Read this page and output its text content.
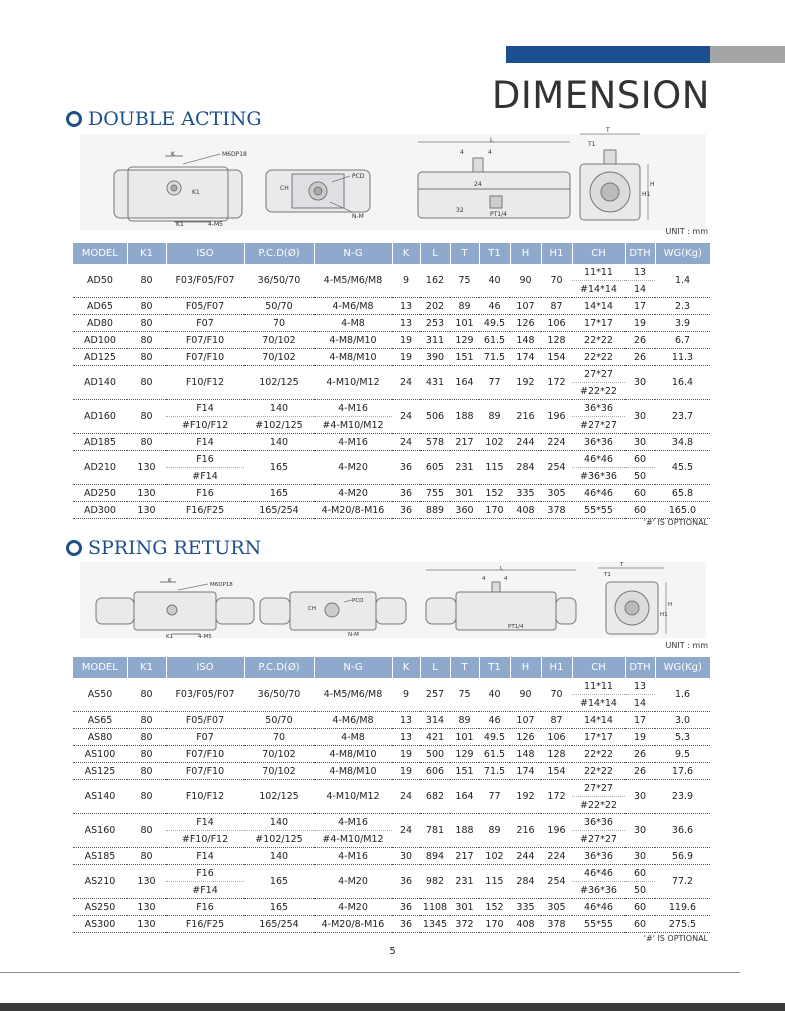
DIMENSION
DOUBLE ACTING
K	M6DP18
K1
K1	4-M5
CH
PCD
N-M
L
4	4
24
32
PT1/4
T
T1
H
H1
UNIT : mm
MODEL	K1	ISO	P.C.D(Ø)	N-G	K	L	T	T1	H	H1	CH	DTH	WG(Kg)
AD50	80	F03/F05/F07	36/50/70	4-M5/M6/M8	9	162	75	40	90	70	11*11	13	1.4
											#14*14	14	
AD65	80	F05/F07	50/70	4-M6/M8	13	202	89	46	107	87	14*14	17	2.3
AD80	80	F07	70	4-M8	13	253	101	49.5	126	106	17*17	19	3.9
AD100	80	F07/F10	70/102	4-M8/M10	19	311	129	61.5	148	128	22*22	26	6.7
AD125	80	F07/F10	70/102	4-M8/M10	19	390	151	71.5	174	154	22*22	26	11.3
AD140	80	F10/F12	102/125	4-M10/M12	24	431	164	77	192	172	27*27	30	16.4
											#22*22		
AD160	80	F14	140	4-M16	24	506	188	89	216	196	36*36	30	23.7
		#F10/F12	#102/125	#4-M10/M12							#27*27		
AD185	80	F14	140	4-M16	24	578	217	102	244	224	36*36	30	34.8
AD210	130	F16	165	4-M20	36	605	231	115	284	254	46*46	60	45.5
		#F14									#36*36	50	
AD250	130	F16	165	4-M20	36	755	301	152	335	305	46*46	60	65.8
AD300	130	F16/F25	165/254	4-M20/8-M16	36	889	360	170	408	378	55*55	60	165.0
'#' IS OPTIONAL
SPRING RETURN
K
M6DP18
K1	4-M5
CH
PCD
N-M
L
4	4
PT1/4
T
T1
H
H1
UNIT : mm
MODEL	K1	ISO	P.C.D(Ø)	N-G	K	L	T	T1	H	H1	CH	DTH	WG(Kg)
AS50	80	F03/F05/F07	36/50/70	4-M5/M6/M8	9	257	75	40	90	70	11*11	13	1.6
											#14*14	14	
AS65	80	F05/F07	50/70	4-M6/M8	13	314	89	46	107	87	14*14	17	3.0
AS80	80	F07	70	4-M8	13	421	101	49.5	126	106	17*17	19	5.3
AS100	80	F07/F10	70/102	4-M8/M10	19	500	129	61.5	148	128	22*22	26	9.5
AS125	80	F07/F10	70/102	4-M8/M10	19	606	151	71.5	174	154	22*22	26	17.6
AS140	80	F10/F12	102/125	4-M10/M12	24	682	164	77	192	172	27*27	30	23.9
											#22*22		
AS160	80	F14	140	4-M16	24	781	188	89	216	196	36*36	30	36.6
		#F10/F12	#102/125	#4-M10/M12							#27*27		
AS185	80	F14	140	4-M16	30	894	217	102	244	224	36*36	30	56.9
AS210	130	F16	165	4-M20	36	982	231	115	284	254	46*46	60	77.2
		#F14									#36*36	50	
AS250	130	F16	165	4-M20	36	1108	301	152	335	305	46*46	60	119.6
AS300	130	F16/F25	165/254	4-M20/8-M16	36	1345	372	170	408	378	55*55	60	275.5
'#' IS OPTIONAL
5
